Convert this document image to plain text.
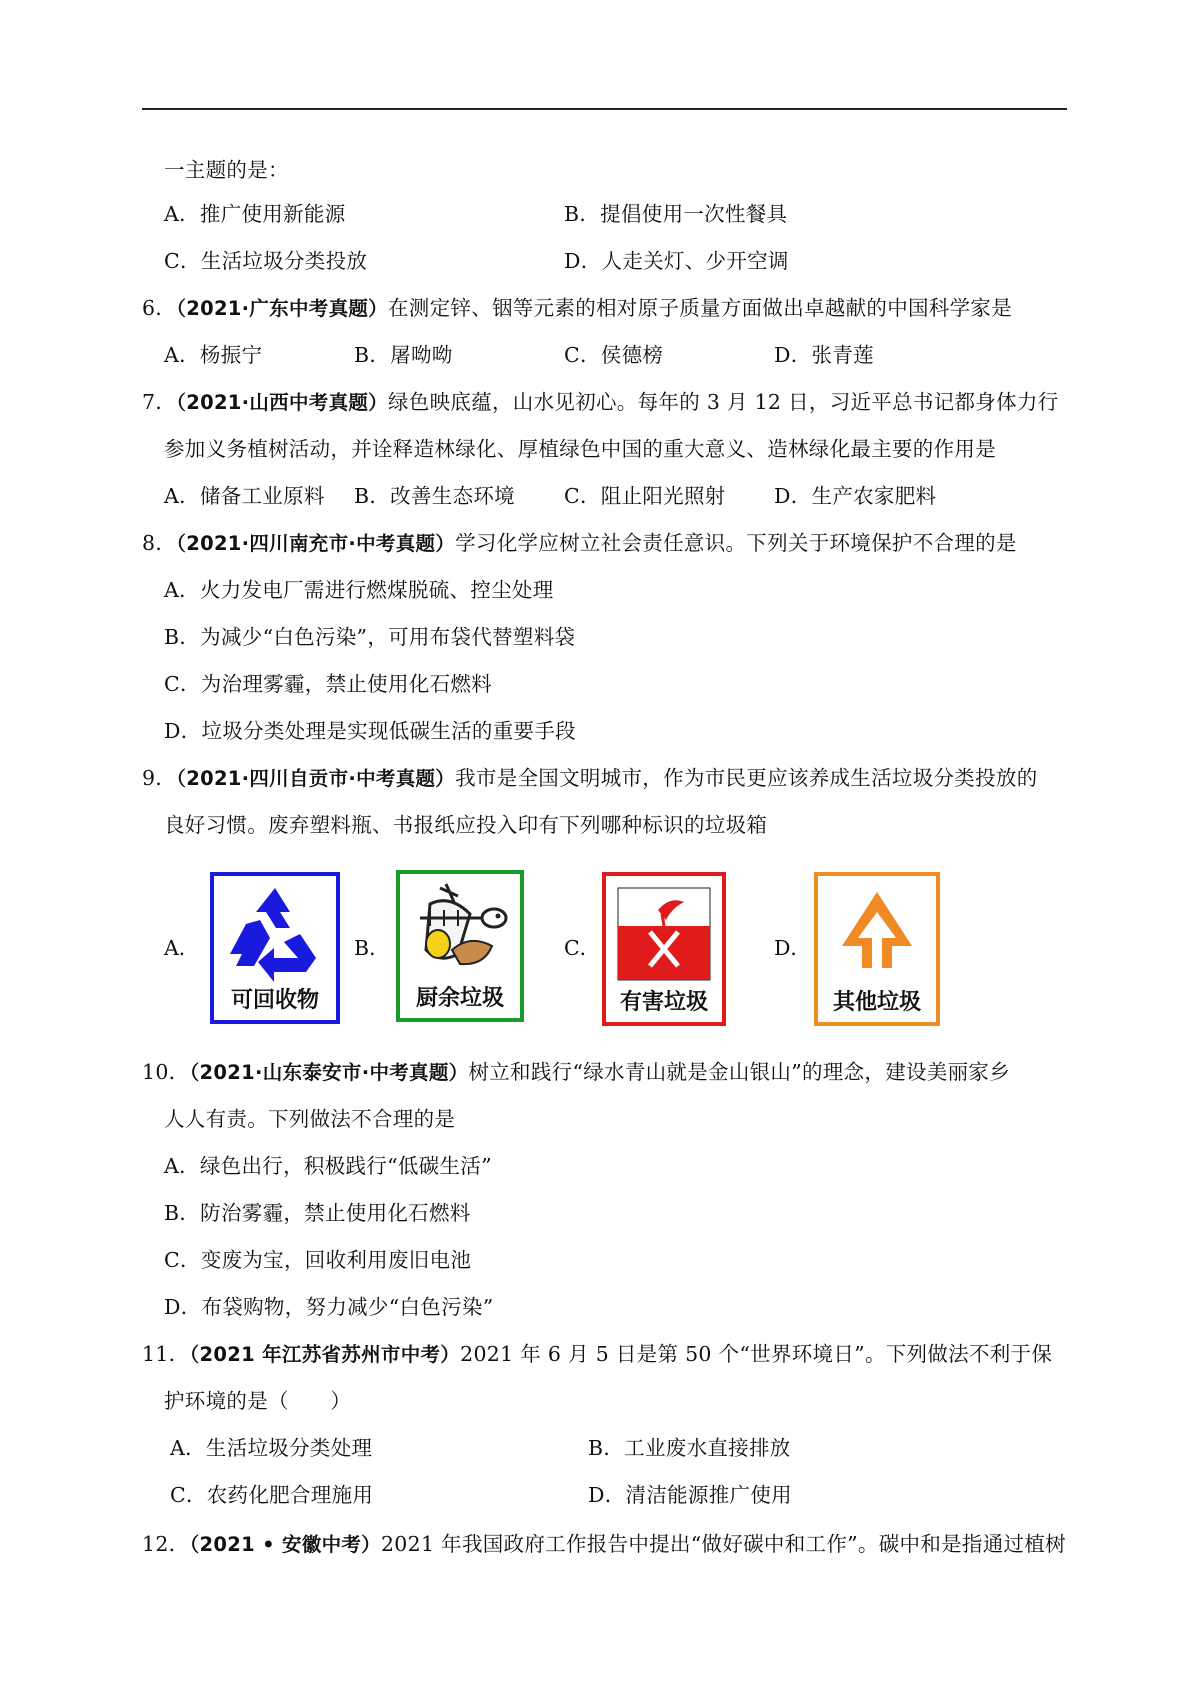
一主题的是：
A．推广使用新能源	B．提倡使用一次性餐具
C．生活垃圾分类投放	D．人走关灯、少开空调
6．（2021·广东中考真题）在测定锌、铟等元素的相对原子质量方面做出卓越献的中国科学家是
A．杨振宁	B．屠呦呦	C．侯德榜	D．张青莲
7．（2021·山西中考真题）绿色映底蕴，山水见初心。每年的 3 月 12 日，习近平总书记都身体力行
参加义务植树活动，并诠释造林绿化、厚植绿色中国的重大意义、造林绿化最主要的作用是
A．储备工业原料 B．改善生态环境 C．阻止阳光照射 D．生产农家肥料
8．（2021·四川南充市·中考真题）学习化学应树立社会责任意识。下列关于环境保护不合理的是
A．火力发电厂需进行燃煤脱硫、控尘处理
B．为减少“白色污染”，可用布袋代替塑料袋
C．为治理雾霾，禁止使用化石燃料
D．垃圾分类处理是实现低碳生活的重要手段
9．（2021·四川自贡市·中考真题）我市是全国文明城市，作为市民更应该养成生活垃圾分类投放的
良好习惯。废弃塑料瓶、书报纸应投入印有下列哪种标识的垃圾箱
A．
可回收物
B．
厨余垃圾
C．
有害垃圾
D．
其他垃圾
10．（2021·山东泰安市·中考真题）树立和践行“绿水青山就是金山银山”的理念，建设美丽家乡
人人有责。下列做法不合理的是
A．绿色出行，积极践行“低碳生活”
B．防治雾霾，禁止使用化石燃料
C．变废为宝，回收利用废旧电池
D．布袋购物，努力减少“白色污染”
11．（2021 年江苏省苏州市中考）2021 年 6 月 5 日是第 50 个“世界环境日”。下列做法不利于保
护环境的是（　　）
A．生活垃圾分类处理	B．工业废水直接排放
C．农药化肥合理施用	D．清洁能源推广使用
12．（2021 • 安徽中考）2021 年我国政府工作报告中提出“做好碳中和工作”。碳中和是指通过植树
